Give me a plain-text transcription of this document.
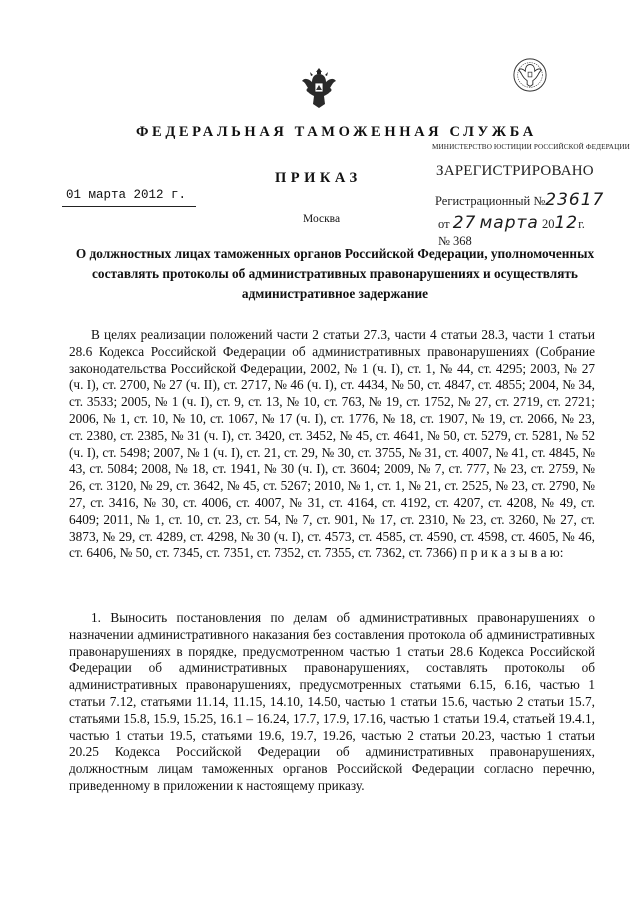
МИНИСТЕРСТВО ЮСТИЦИИ РОССИЙСКОЙ ФЕДЕРАЦИИ
ЗАРЕГИСТРИРОВАНО
Регистрационный №23617
от 27 марта 2012г.
№ 368
ФЕДЕРАЛЬНАЯ ТАМОЖЕННАЯ СЛУЖБА
ПРИКАЗ
01 марта 2012 г.
Москва
О должностных лицах таможенных органов Российской Федерации, уполномоченных составлять протоколы об административных правонарушениях и осуществлять административное задержание
В целях реализации положений части 2 статьи 27.3, части 4 статьи 28.3, части 1 статьи 28.6 Кодекса Российской Федерации об административных правонарушениях (Собрание законодательства Российской Федерации, 2002, № 1 (ч. I), ст. 1, № 44, ст. 4295; 2003, № 27 (ч. I), ст. 2700, № 27 (ч. II), ст. 2717, № 46 (ч. I), ст. 4434, № 50, ст. 4847, ст. 4855; 2004, № 34, ст. 3533; 2005, № 1 (ч. I), ст. 9, ст. 13, № 10, ст. 763, № 19, ст. 1752, № 27, ст. 2719, ст. 2721; 2006, № 1, ст. 10, № 10, ст. 1067, № 17 (ч. I), ст. 1776, № 18, ст. 1907, № 19, ст. 2066, № 23, ст. 2380, ст. 2385, № 31 (ч. I), ст. 3420, ст. 3452, № 45, ст. 4641, № 50, ст. 5279, ст. 5281, № 52 (ч. I), ст. 5498; 2007, № 1 (ч. I), ст. 21, ст. 29, № 30, ст. 3755, № 31, ст. 4007, № 41, ст. 4845, № 43, ст. 5084; 2008, № 18, ст. 1941, № 30 (ч. I), ст. 3604; 2009, № 7, ст. 777, № 23, ст. 2759, № 26, ст. 3120, № 29, ст. 3642, № 45, ст. 5267; 2010, № 1, ст. 1, № 21, ст. 2525, № 23, ст. 2790, № 27, ст. 3416, № 30, ст. 4006, ст. 4007, № 31, ст. 4164, ст. 4192, ст. 4207, ст. 4208, № 49, ст. 6409; 2011, № 1, ст. 10, ст. 23, ст. 54, № 7, ст. 901, № 17, ст. 2310, № 23, ст. 3260, № 27, ст. 3873, № 29, ст. 4289, ст. 4298, № 30 (ч. I), ст. 4573, ст. 4585, ст. 4590, ст. 4598, ст. 4605, № 46, ст. 6406, № 50, ст. 7345, ст. 7351, ст. 7352, ст. 7355, ст. 7362, ст. 7366) п р и к а з ы в а ю:
1. Выносить постановления по делам об административных правонарушениях о назначении административного наказания без составления протокола об административных правонарушениях в порядке, предусмотренном частью 1 статьи 28.6 Кодекса Российской Федерации об административных правонарушениях, составлять протоколы об административных правонарушениях, предусмотренных статьями 6.15, 6.16, частью 1 статьи 7.12, статьями 11.14, 11.15, 14.10, 14.50, частью 1 статьи 15.6, частью 2 статьи 15.7, статьями 15.8, 15.9, 15.25, 16.1 – 16.24, 17.7, 17.9, 17.16, частью 1 статьи 19.4, статьей 19.4.1, частью 1 статьи 19.5, статьями 19.6, 19.7, 19.26, частью 2 статьи 20.23, частью 1 статьи 20.25 Кодекса Российской Федерации об административных правонарушениях, должностным лицам таможенных органов Российской Федерации согласно перечню, приведенному в приложении к настоящему приказу.
